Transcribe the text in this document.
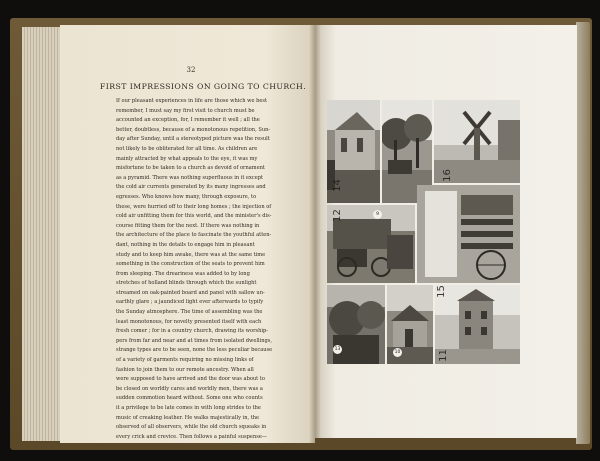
32
FIRST IMPRESSIONS ON GOING TO CHURCH.

If our pleasant experiences in life are those which we best
remember, I must say my first visit to church must be
accounted an exception, for, I remember it well ; all the
better, doubtless, because of a monotonous repetition, Sun-
day after Sunday, until a stereotyped picture was the result
not likely to be obliterated for all time. As children are
mainly attracted by what appeals to the eye, it was my
misfortune to be taken to a church as devoid of ornament
as a pyramid. There was nothing superfluous in it except
the cold air currents generated by its many ingresses and
egresses. Who knows how many, through exposure, to
these, were hurried off to their long homes ; the injection of
cold air unfitting them for this world, and the minister's dis-
course fitting them for the next. If there was nothing in
the architecture of the place to fascinate the youthful atten-
dant, nothing in the details to engage him in pleasant
study and to keep him awake, there was at the same time
something in the construction of the seats to prevent him
from sleeping. The dreariness was added to by long
stretches of holland blinds through which the sunlight
streamed on oak-painted board and panel with sallow un-
earthly glare ; a jaundiced light ever afterwards to typify
the Sunday atmosphere. The time of assembling was the
least monotonous, for novelty presented itself with each
fresh comer ; for in a country church, drawing its worship-
pers from far and near and at times from isolated dwellings,
strange types are to be seen, none the less peculiar because
of a variety of garments requiring no missing links of
fashion to join them to our remote ancestry. When all
were supposed to have arrived and the door was about to
be closed on worldly cares and worldly men, there was a
sudden commotion heard without. Some one who counts
it a privilege to be late comes in with long strides to the
music of creaking leather. He walks majestically in, the
observed of all observers, while the old church squeaks in
every crick and crevice. Then follows a painful suspense—

14
12
16
15
11
9
13
10
